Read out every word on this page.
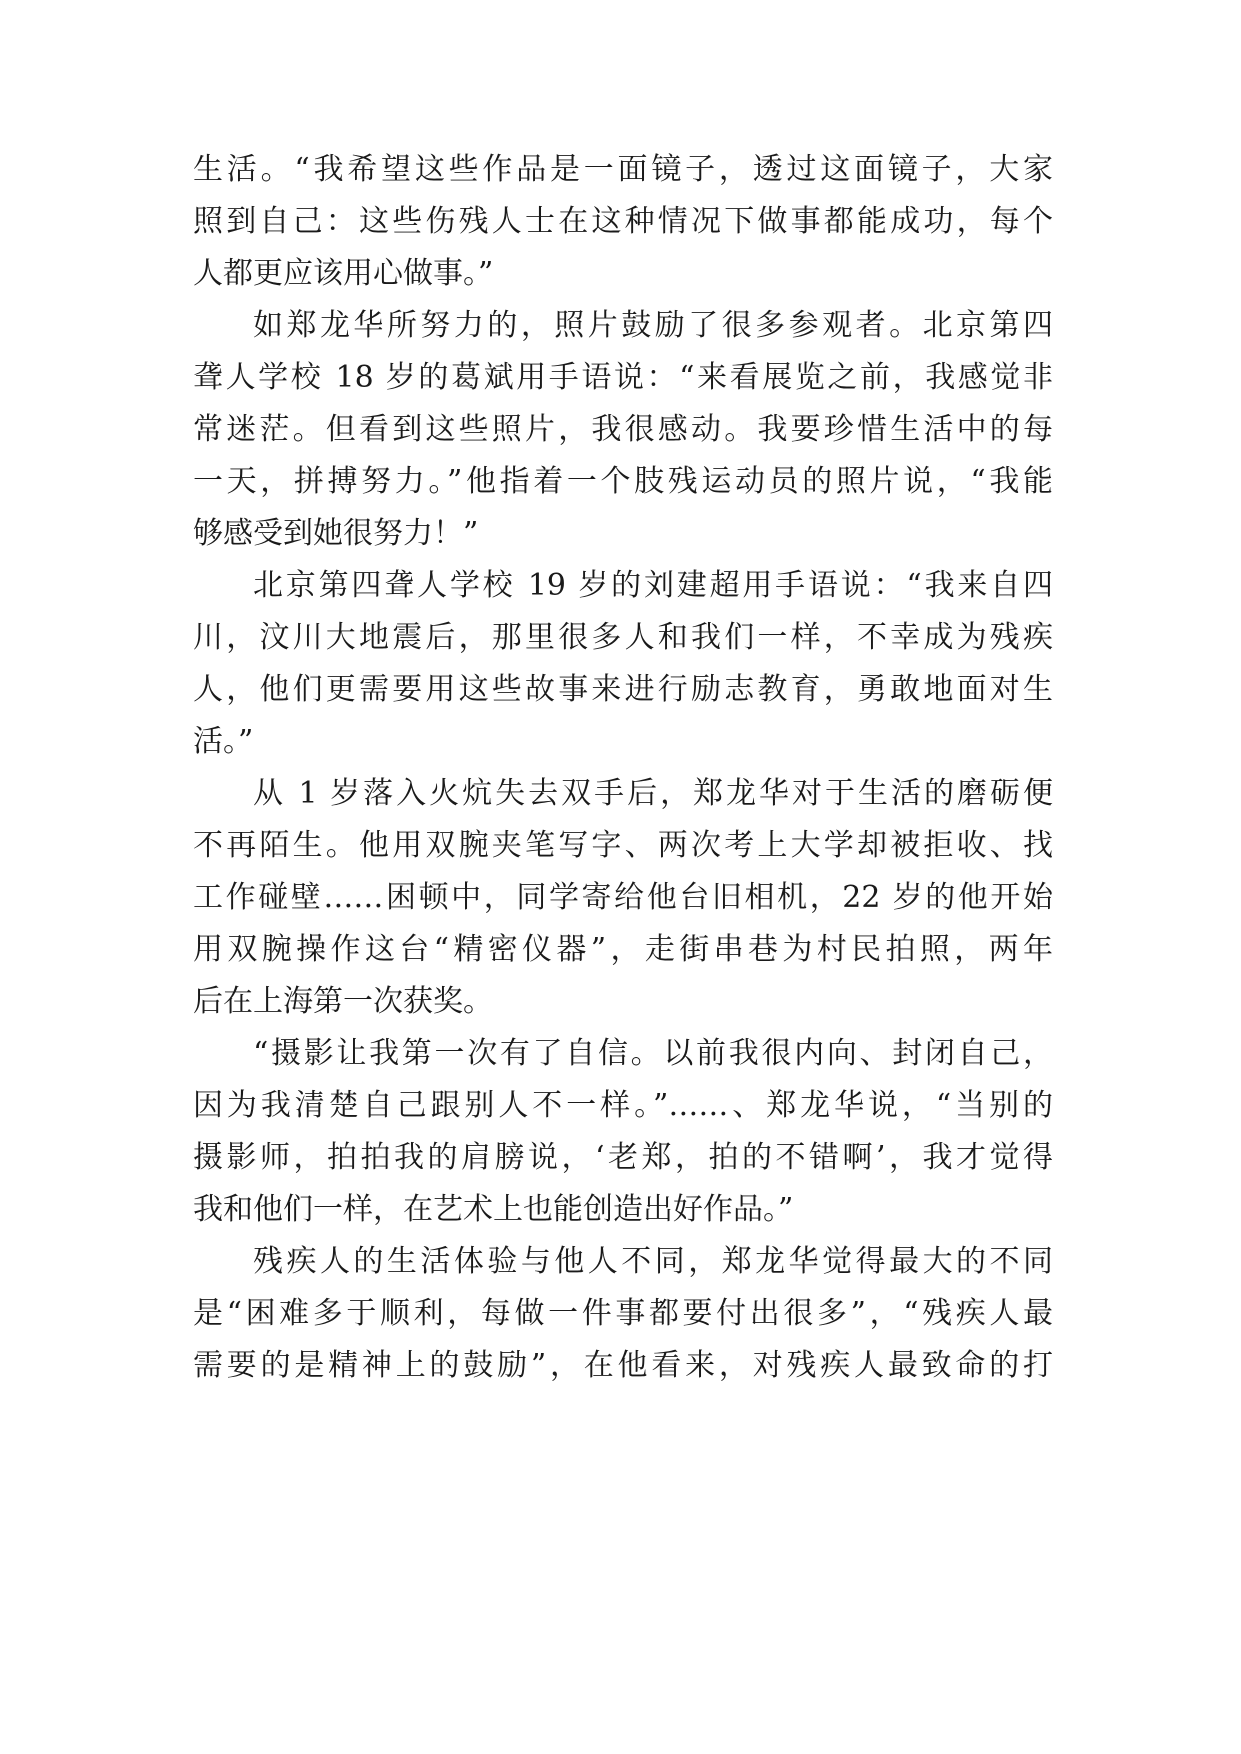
生活。“我希望这些作品是一面镜子，透过这面镜子，大家
照到自己：这些伤残人士在这种情况下做事都能成功，每个
人都更应该用心做事。”
如郑龙华所努力的，照片鼓励了很多参观者。北京第四
聋人学校 18 岁的葛斌用手语说：“来看展览之前，我感觉非
常迷茫。但看到这些照片，我很感动。我要珍惜生活中的每
一天，拼搏努力。”他指着一个肢残运动员的照片说，“我能
够感受到她很努力！”
北京第四聋人学校 19 岁的刘建超用手语说：“我来自四
川，汶川大地震后，那里很多人和我们一样，不幸成为残疾
人，他们更需要用这些故事来进行励志教育，勇敢地面对生
活。”
从 1 岁落入火炕失去双手后，郑龙华对于生活的磨砺便
不再陌生。他用双腕夹笔写字、两次考上大学却被拒收、找
工作碰壁……困顿中，同学寄给他台旧相机，22 岁的他开始
用双腕操作这台“精密仪器”，走街串巷为村民拍照，两年
后在上海第一次获奖。
“摄影让我第一次有了自信。以前我很内向、封闭自己，
因为我清楚自己跟别人不一样。”……、郑龙华说，“当别的
摄影师，拍拍我的肩膀说，‘老郑，拍的不错啊’，我才觉得
我和他们一样，在艺术上也能创造出好作品。”
残疾人的生活体验与他人不同，郑龙华觉得最大的不同
是“困难多于顺利，每做一件事都要付出很多”，“残疾人最
需要的是精神上的鼓励”，在他看来，对残疾人最致命的打
